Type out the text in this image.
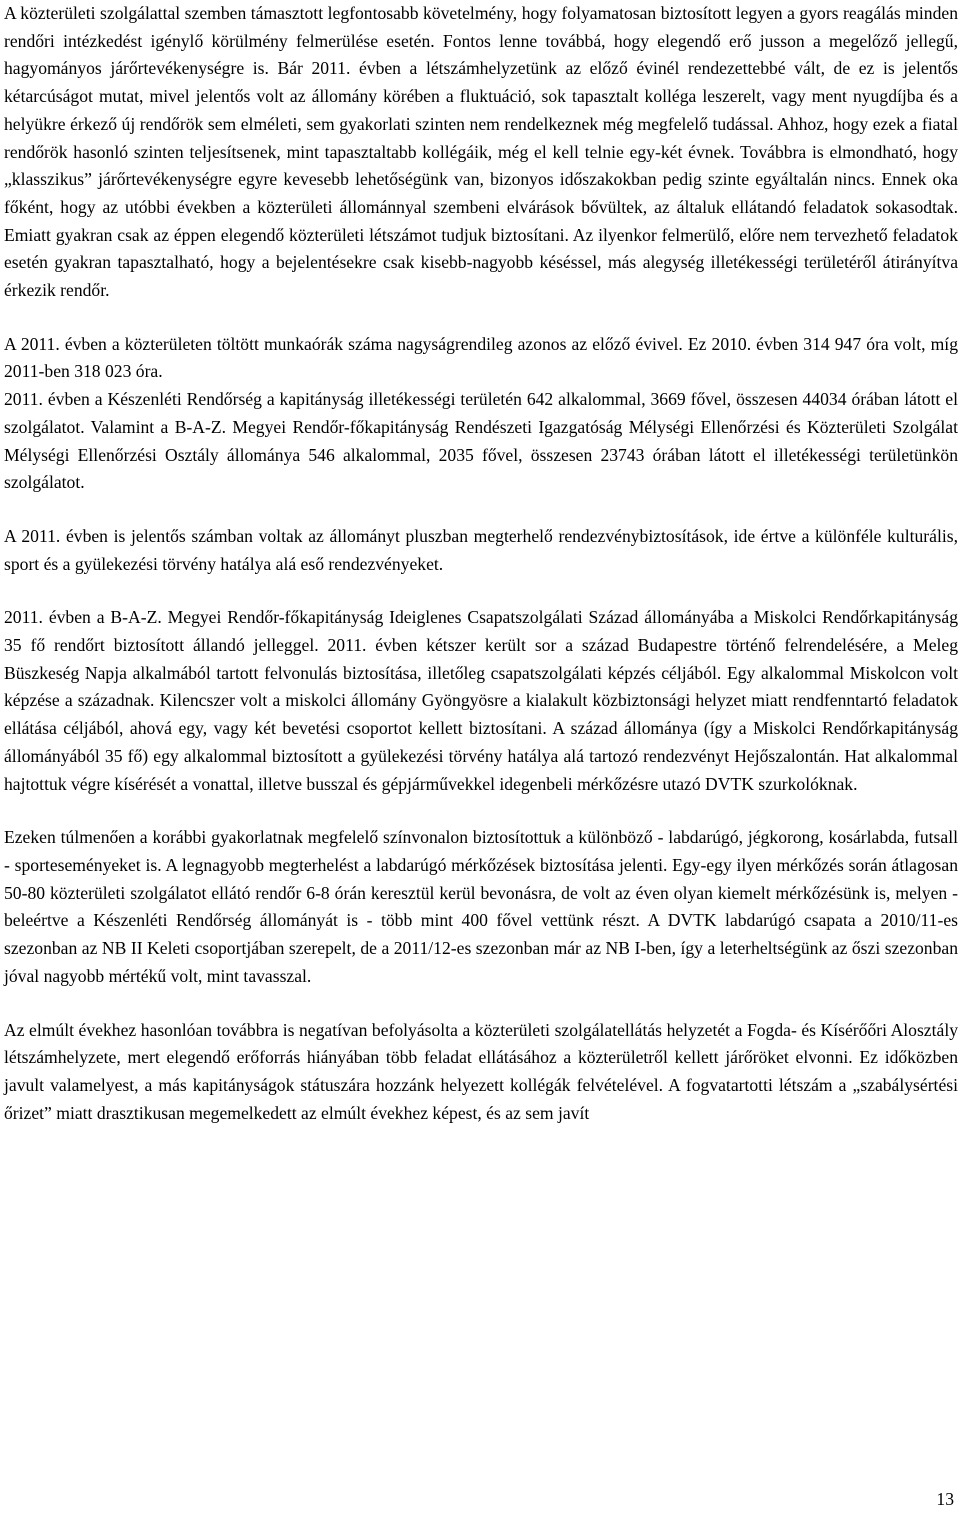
A közterületi szolgálattal szemben támasztott legfontosabb követelmény, hogy folyamatosan biztosított legyen a gyors reagálás minden rendőri intézkedést igénylő körülmény felmerülése esetén. Fontos lenne továbbá, hogy elegendő erő jusson a megelőző jellegű, hagyományos járőrtevékenységre is. Bár 2011. évben a létszámhelyzetünk az előző évinél rendezettebbé vált, de ez is jelentős kétarcúságot mutat, mivel jelentős volt az állomány körében a fluktuáció, sok tapasztalt kolléga leszerelt, vagy ment nyugdíjba és a helyükre érkező új rendőrök sem elméleti, sem gyakorlati szinten nem rendelkeznek még megfelelő tudással. Ahhoz, hogy ezek a fiatal rendőrök hasonló szinten teljesítsenek, mint tapasztaltabb kollégáik, még el kell telnie egy-két évnek. Továbbra is elmondható, hogy „klasszikus” járőrtevékenységre egyre kevesebb lehetőségünk van, bizonyos időszakokban pedig szinte egyáltalán nincs. Ennek oka főként, hogy az utóbbi években a közterületi állománnyal szembeni elvárások bővültek, az általuk ellátandó feladatok sokasodtak. Emiatt gyakran csak az éppen elegendő közterületi létszámot tudjuk biztosítani. Az ilyenkor felmerülő, előre nem tervezhető feladatok esetén gyakran tapasztalható, hogy a bejelentésekre csak kisebb-nagyobb késéssel, más alegység illetékességi területéről átirányítva érkezik rendőr.

A 2011. évben a közterületen töltött munkaórák száma nagyságrendileg azonos az előző évivel. Ez 2010. évben 314 947 óra volt, míg 2011-ben 318 023 óra.

2011. évben a Készenléti Rendőrség a kapitányság illetékességi területén 642 alkalommal, 3669 fővel, összesen 44034 órában látott el szolgálatot. Valamint a B-A-Z. Megyei Rendőr-főkapitányság Rendészeti Igazgatóság Mélységi Ellenőrzési és Közterületi Szolgálat Mélységi Ellenőrzési Osztály állománya 546 alkalommal, 2035 fővel, összesen 23743 órában látott el illetékességi területünkön szolgálatot.

A 2011. évben is jelentős számban voltak az állományt pluszban megterhelő rendezvénybiztosítások, ide értve a különféle kulturális, sport és a gyülekezési törvény hatálya alá eső rendezvényeket.

2011. évben a B-A-Z. Megyei Rendőr-főkapitányság Ideiglenes Csapatszolgálati Század állományába a Miskolci Rendőrkapitányság 35 fő rendőrt biztosított állandó jelleggel. 2011. évben kétszer került sor a század Budapestre történő felrendelésére, a Meleg Büszkeség Napja alkalmából tartott felvonulás biztosítása, illetőleg csapatszolgálati képzés céljából. Egy alkalommal Miskolcon volt képzése a századnak. Kilencszer volt a miskolci állomány Gyöngyösre a kialakult közbiztonsági helyzet miatt rendfenntartó feladatok ellátása céljából, ahová egy, vagy két bevetési csoportot kellett biztosítani. A század állománya (így a Miskolci Rendőrkapitányság állományából 35 fő) egy alkalommal biztosított a gyülekezési törvény hatálya alá tartozó rendezvényt Hejőszalontán. Hat alkalommal hajtottuk végre kísérését a vonattal, illetve busszal és gépjárművekkel idegenbeli mérkőzésre utazó DVTK szurkolóknak.

Ezeken túlmenően a korábbi gyakorlatnak megfelelő színvonalon biztosítottuk a különböző - labdarúgó, jégkorong, kosárlabda, futsall - sporteseményeket is. A legnagyobb megterhelést a labdarúgó mérkőzések biztosítása jelenti. Egy-egy ilyen mérkőzés során átlagosan 50-80 közterületi szolgálatot ellátó rendőr 6-8 órán keresztül kerül bevonásra, de volt az éven olyan kiemelt mérkőzésünk is, melyen - beleértve a Készenléti Rendőrség állományát is - több mint 400 fővel vettünk részt. A DVTK labdarúgó csapata a 2010/11-es szezonban az NB II Keleti csoportjában szerepelt, de a 2011/12-es szezonban már az NB I-ben, így a leterheltségünk az őszi szezonban jóval nagyobb mértékű volt, mint tavasszal.

Az elmúlt évekhez hasonlóan továbbra is negatívan befolyásolta a közterületi szolgálatellátás helyzetét a Fogda- és Kísérőőri Alosztály létszámhelyzete, mert elegendő erőforrás hiányában több feladat ellátásához a közterületről kellett járőröket elvonni. Ez időközben javult valamelyest, a más kapitányságok státuszára hozzánk helyezett kollégák felvételével. A fogvatartotti létszám a „szabálysértési őrizet” miatt drasztikusan megemelkedett az elmúlt évekhez képest, és az sem javít

13
